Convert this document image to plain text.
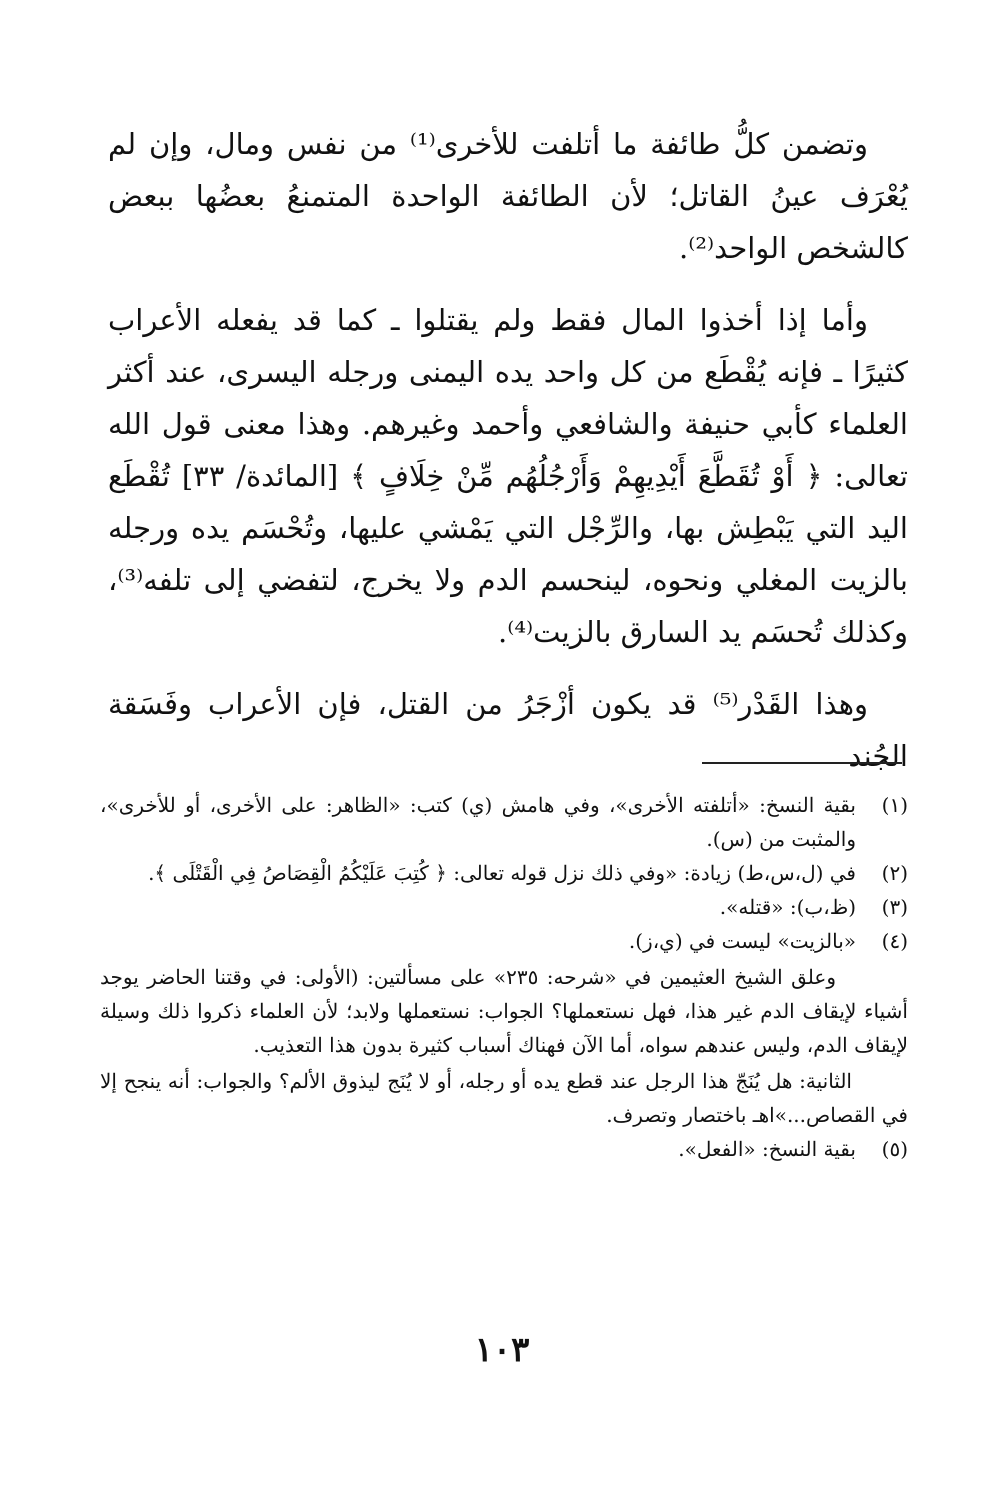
وتضمن كلُّ طائفة ما أتلفت للأخرى⁽¹⁾ من نفس ومال، وإن لم يُعْرَف عينُ القاتل؛ لأن الطائفة الواحدة المتمنعُ بعضُها ببعض كالشخص الواحد⁽²⁾.

وأما إذا أخذوا المال فقط ولم يقتلوا ـ كما قد يفعله الأعراب كثيرًا ـ فإنه يُقْطَع من كل واحد يده اليمنى ورجله اليسرى، عند أكثر العلماء كأبي حنيفة والشافعي وأحمد وغيرهم. وهذا معنى قول الله تعالى: ﴿ أَوْ تُقَطَّعَ أَيْدِيهِمْ وَأَرْجُلُهُم مِّنْ خِلَافٍ ﴾ [المائدة/ ٣٣] تُقْطَع اليد التي يَبْطِش بها، والرِّجْل التي يَمْشي عليها، وتُحْسَم يده ورجله بالزيت المغلي ونحوه، لينحسم الدم ولا يخرج، لتفضي إلى تلفه⁽³⁾، وكذلك تُحسَم يد السارق بالزيت⁽⁴⁾.

وهذا القَدْر⁽⁵⁾ قد يكون أزْجَرُ من القتل، فإن الأعراب وفَسَقة الجُند

(١)
بقية النسخ: «أتلفته الأخرى»، وفي هامش (ي) كتب: «الظاهر: على الأخرى، أو للأخرى»، والمثبت من (س).
(٢)
في (ل،س،ط) زيادة: «وفي ذلك نزل قوله تعالى: ﴿ كُتِبَ عَلَيْكُمُ الْقِصَاصُ فِي الْقَتْلَى ﴾.
(٣)
(ظ،ب): «قتله».
(٤)
«بالزيت» ليست في (ي،ز).

وعلق الشيخ العثيمين في «شرحه: ٢٣٥» على مسألتين: (الأولى: في وقتنا الحاضر يوجد أشياء لإيقاف الدم غير هذا، فهل نستعملها؟ الجواب: نستعملها ولابد؛ لأن العلماء ذكروا ذلك وسيلة لإيقاف الدم، وليس عندهم سواه، أما الآن فهناك أسباب كثيرة بدون هذا التعذيب.

الثانية: هل يُنَجّ هذا الرجل عند قطع يده أو رجله، أو لا يُنَج ليذوق الألم؟ والجواب: أنه ينجح إلا في القصاص...»اهـ باختصار وتصرف.

(٥)
بقية النسخ: «الفعل».
١٠٣
